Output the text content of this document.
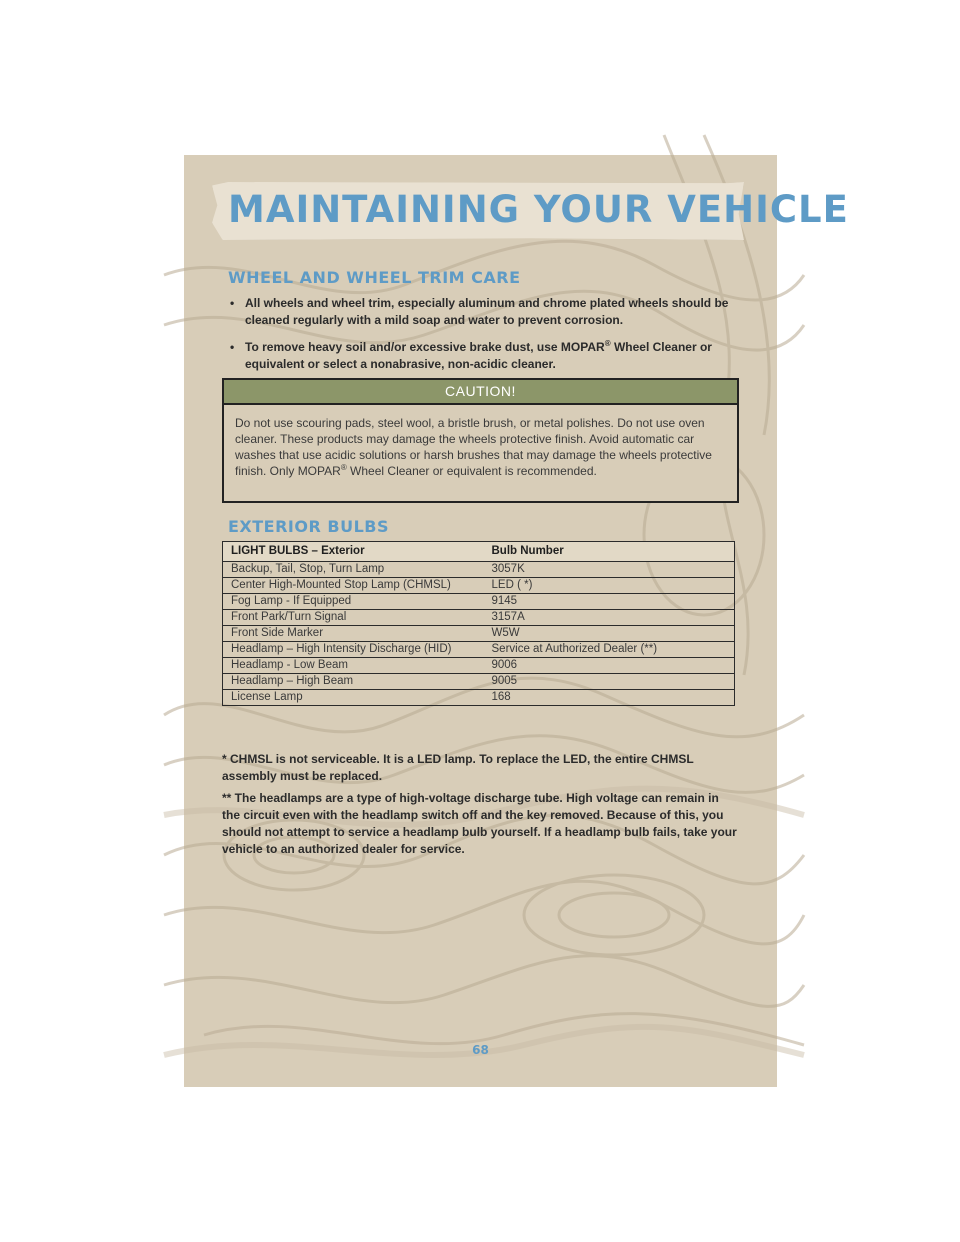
MAINTAINING YOUR VEHICLE
WHEEL AND WHEEL TRIM CARE
• All wheels and wheel trim, especially aluminum and chrome plated wheels should be cleaned regularly with a mild soap and water to prevent corrosion.
• To remove heavy soil and/or excessive brake dust, use MOPAR® Wheel Cleaner or equivalent or select a nonabrasive, non-acidic cleaner.
CAUTION!
Do not use scouring pads, steel wool, a bristle brush, or metal polishes. Do not use oven cleaner. These products may damage the wheels protective finish. Avoid automatic car washes that use acidic solutions or harsh brushes that may damage the wheels protective finish. Only MOPAR® Wheel Cleaner or equivalent is recommended.
EXTERIOR BULBS
LIGHT BULBS – Exterior	Bulb Number
Backup, Tail, Stop, Turn Lamp	3057K
Center High-Mounted Stop Lamp (CHMSL)	LED ( *)
Fog Lamp - If Equipped	9145
Front Park/Turn Signal	3157A
Front Side Marker	W5W
Headlamp – High Intensity Discharge (HID)	Service at Authorized Dealer (**)
Headlamp - Low Beam	9006
Headlamp – High Beam	9005
License Lamp	168

* CHMSL is not serviceable. It is a LED lamp. To replace the LED, the entire CHMSL assembly must be replaced.

** The headlamps are a type of high-voltage discharge tube. High voltage can remain in the circuit even with the headlamp switch off and the key removed. Because of this, you should not attempt to service a headlamp bulb yourself. If a headlamp bulb fails, take your vehicle to an authorized dealer for service.

68
